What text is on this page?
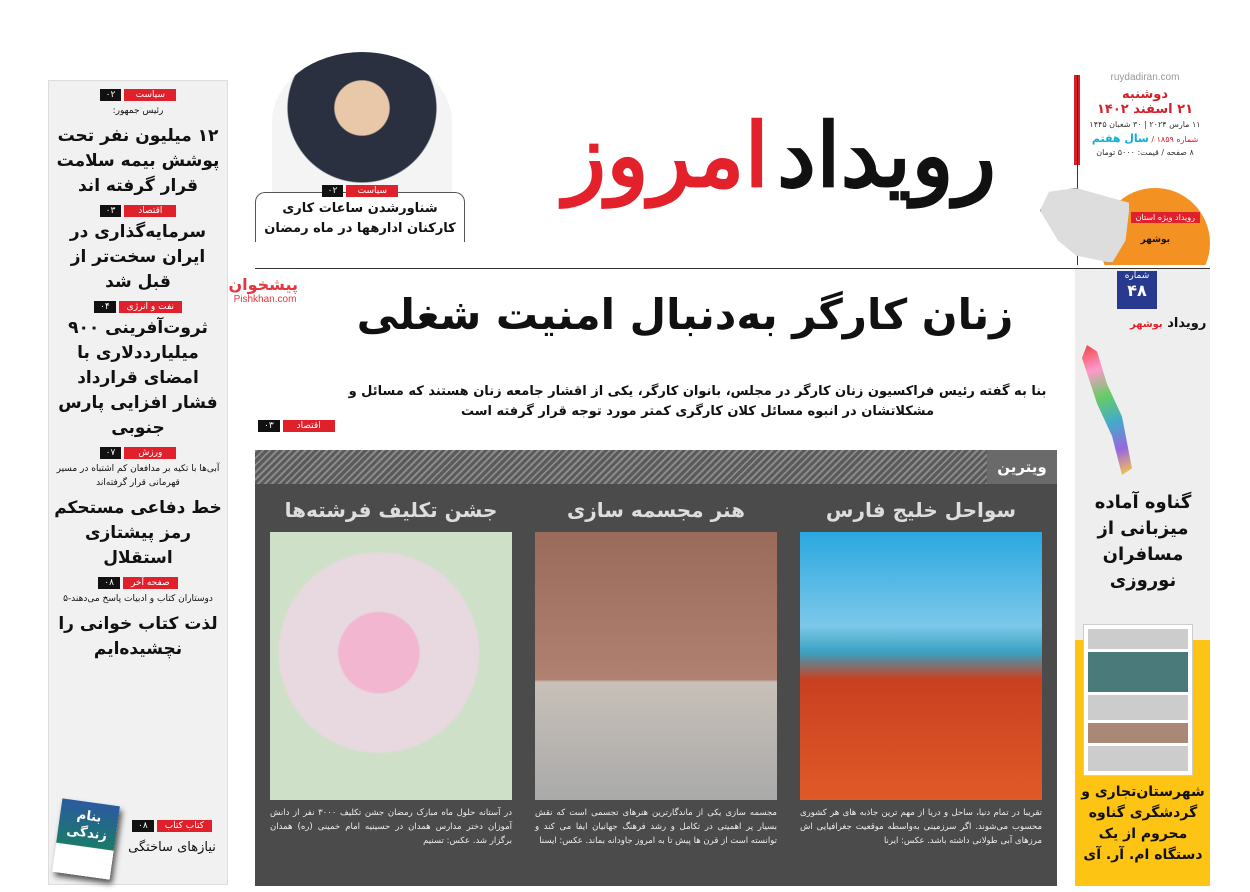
سیاست
۰۲
رئیس جمهور:
۱۲ میلیون نفر تحت پوشش بیمه سلامت قرار گرفته اند
اقتصاد
۰۳
سرمایه‌گذاری در ایران سخت‌تر از قبل شد
نفت و انرژی
۰۴
ثروت‌آفرینی ۹۰۰ میلیارددلاری با امضای قرارداد فشار افزایی پارس جنوبی
ورزش
۰۷
آبی‌ها با تکیه بر مدافعان کم اشتباه در مسیر قهرمانی قرار گرفته‌اند
خط دفاعی مستحکم رمز پیشتازی استقلال
صفحه آخر
۰۸
دوستاران کتاب و ادبیات پاسخ می‌دهند-۵
لذت کتاب خوانی را نچشیده‌ایم
کتاب کتاب
۰۸
نیازهای ساختگی
بنام زندگی
سیاست
۰۲
شناورشدن ساعات کاری کارکنان ادارهها در ماه رمضان
رویداد
امروز
پیشخوان
Pishkhan.com
ruydadiran.com
دوشنبه
۲۱ اسفند ۱۴۰۲
۱۱ مارس ۲۰۲۴ | ۳۰ شعبان ۱۴۴۵
شماره ۱۸۵۹ / سال هفتم
۸ صفحه / قیمت: ۵۰۰۰ تومان
رویداد ویژه استان
بوشهر
شماره
۴۸
رویداد بوشهر
گناوه آماده میزبانی از مسافران نوروزی
شهرستان‌تجاری و گردشگری گناوه محروم از یک دستگاه ام. آر. آی
زنان کارگر به‌دنبال امنیت شغلی
بنا به گفته رئیس فراکسیون زنان کارگر در مجلس، بانوان کارگر، یکی از اقشار جامعه زنان هستند که مسائل و مشکلاتشان در انبوه مسائل کلان کارگری کمتر مورد توجه قرار گرفته است
اقتصاد
۰۳
ویترین
سواحل خلیج فارس
تقریبا در تمام دنیا، ساحل و دریا از مهم ترین جاذبه های هر کشوری محسوب می‌شوند. اگر سرزمینی به‌واسطه موقعیت جغرافیایی اش مرزهای آبی طولانی داشته باشد. عکس: ایرنا
هنر مجسمه سازی
مجسمه سازی یکی از ماندگارترین هنرهای تجسمی است که نقش بسیار پر اهمیتی در تکامل و رشد فرهنگ جهانیان ایفا می کند و توانسته است از قرن ها پیش تا به امروز جاودانه بماند. عکس: ایسنا
جشن تکلیف فرشته‌ها
در آستانه حلول ماه مبارک رمضان جشن تکلیف ۳۰۰۰ نفر از دانش آموزان دختر مدارس همدان در حسینیه امام خمینی (ره) همدان برگزار شد. عکس: تسنیم
